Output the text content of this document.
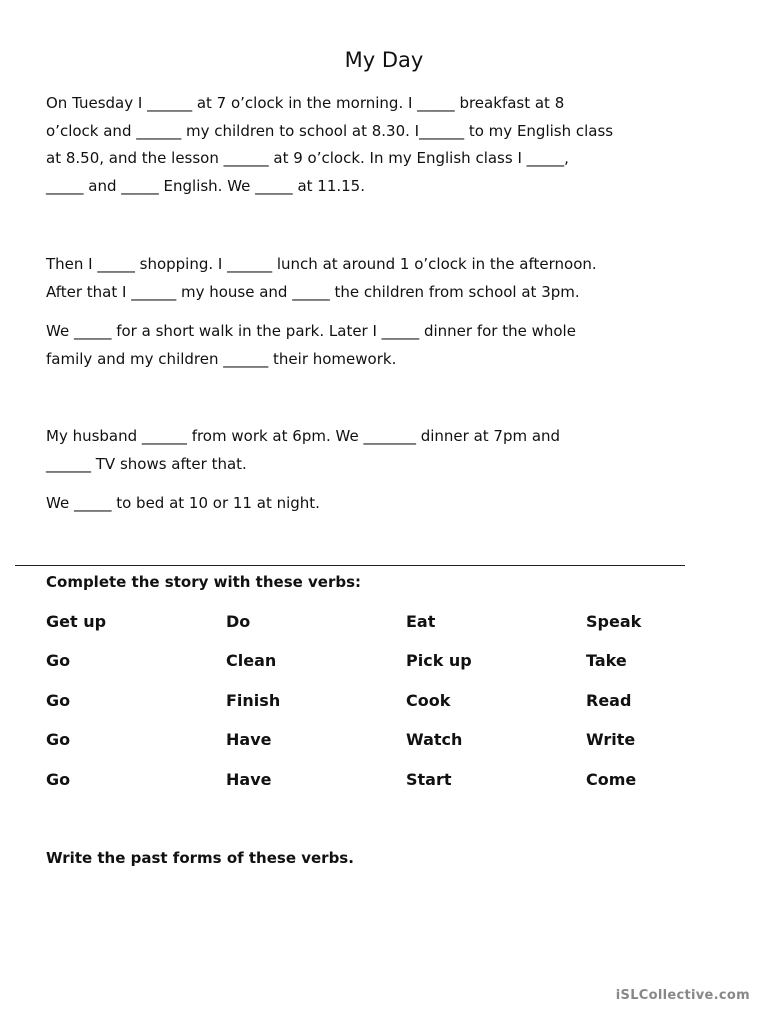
My Day

On Tuesday I ______ at 7 o’clock in the morning. I _____ breakfast at 8
o’clock and ______ my children to school at 8.30. I______ to my English class
at 8.50, and the lesson ______ at 9 o’clock. In my English class I _____,
_____ and _____ English. We _____ at 11.15.

Then I _____ shopping. I ______ lunch at around 1 o’clock in the afternoon.
After that I ______ my house and _____ the children from school at 3pm.

We _____ for a short walk in the park. Later I _____ dinner for the whole
family and my children ______ their homework.

My husband ______ from work at 6pm. We _______ dinner at 7pm and
______ TV shows after that.

We _____ to bed at 10 or 11 at night.

Complete the story with these verbs:
Get up	Do	Eat	Speak
Go	Clean	Pick up	Take
Go	Finish	Cook	Read
Go	Have	Watch	Write
Go	Have	Start	Come
Write the past forms of these verbs.
iSLCollective.com
